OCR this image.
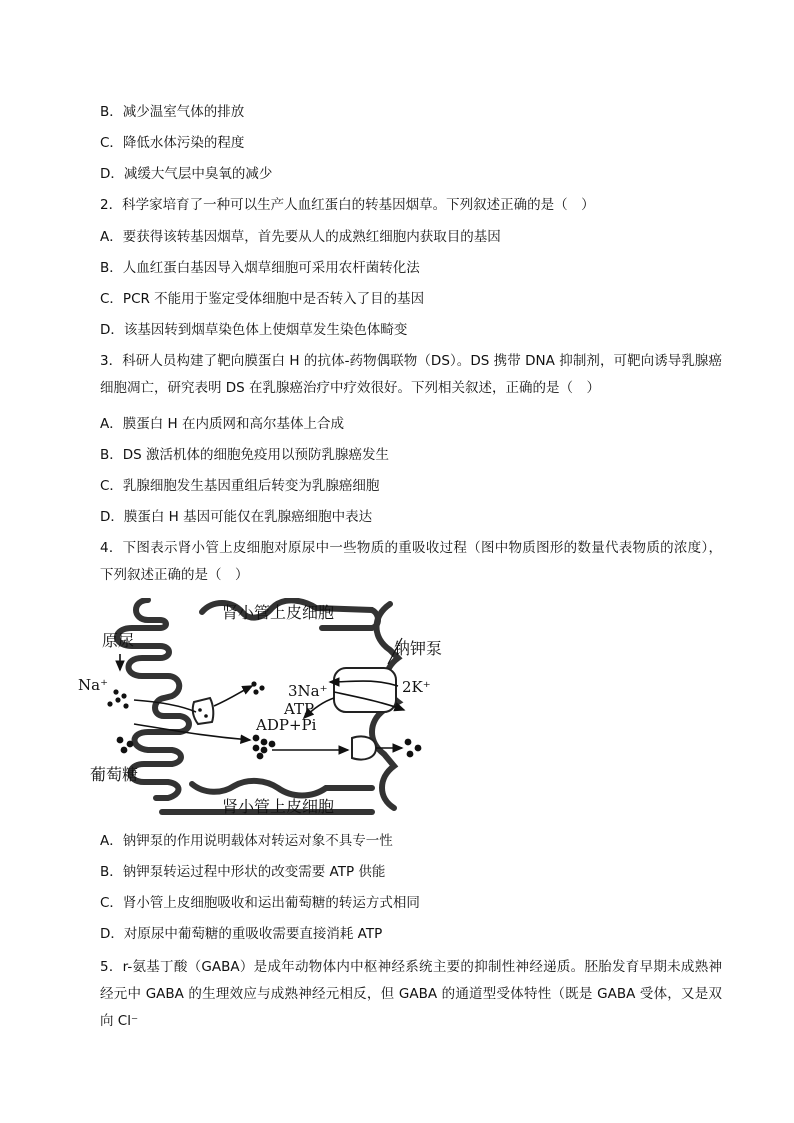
B．减少温室气体的排放
C．降低水体污染的程度
D．减缓大气层中臭氧的减少
2．科学家培育了一种可以生产人血红蛋白的转基因烟草。下列叙述正确的是（　）
A．要获得该转基因烟草，首先要从人的成熟红细胞内获取目的基因
B．人血红蛋白基因导入烟草细胞可采用农杆菌转化法
C．PCR 不能用于鉴定受体细胞中是否转入了目的基因
D．该基因转到烟草染色体上使烟草发生染色体畸变
3．科研人员构建了靶向膜蛋白 H 的抗体-药物偶联物（DS）。DS 携带 DNA 抑制剂，可靶向诱导乳腺癌细胞凋亡，研究表明 DS 在乳腺癌治疗中疗效很好。下列相关叙述，正确的是（　）
A．膜蛋白 H 在内质网和高尔基体上合成
B．DS 激活机体的细胞免疫用以预防乳腺癌发生
C．乳腺细胞发生基因重组后转变为乳腺癌细胞
D．膜蛋白 H 基因可能仅在乳腺癌细胞中表达
4．下图表示肾小管上皮细胞对原尿中一些物质的重吸收过程（图中物质图形的数量代表物质的浓度），下列叙述正确的是（　）
肾小管上皮细胞
原尿
Na⁺
葡萄糖
钠钾泵
3Na⁺	2K⁺
ATP
ADP+Pi
肾小管上皮细胞
A．钠钾泵的作用说明载体对转运对象不具专一性
B．钠钾泵转运过程中形状的改变需要 ATP 供能
C．肾小管上皮细胞吸收和运出葡萄糖的转运方式相同
D．对原尿中葡萄糖的重吸收需要直接消耗 ATP
5．r-氨基丁酸（GABA）是成年动物体内中枢神经系统主要的抑制性神经递质。胚胎发育早期未成熟神经元中 GABA 的生理效应与成熟神经元相反，但 GABA 的通道型受体特性（既是 GABA 受体，又是双向 Cl⁻
